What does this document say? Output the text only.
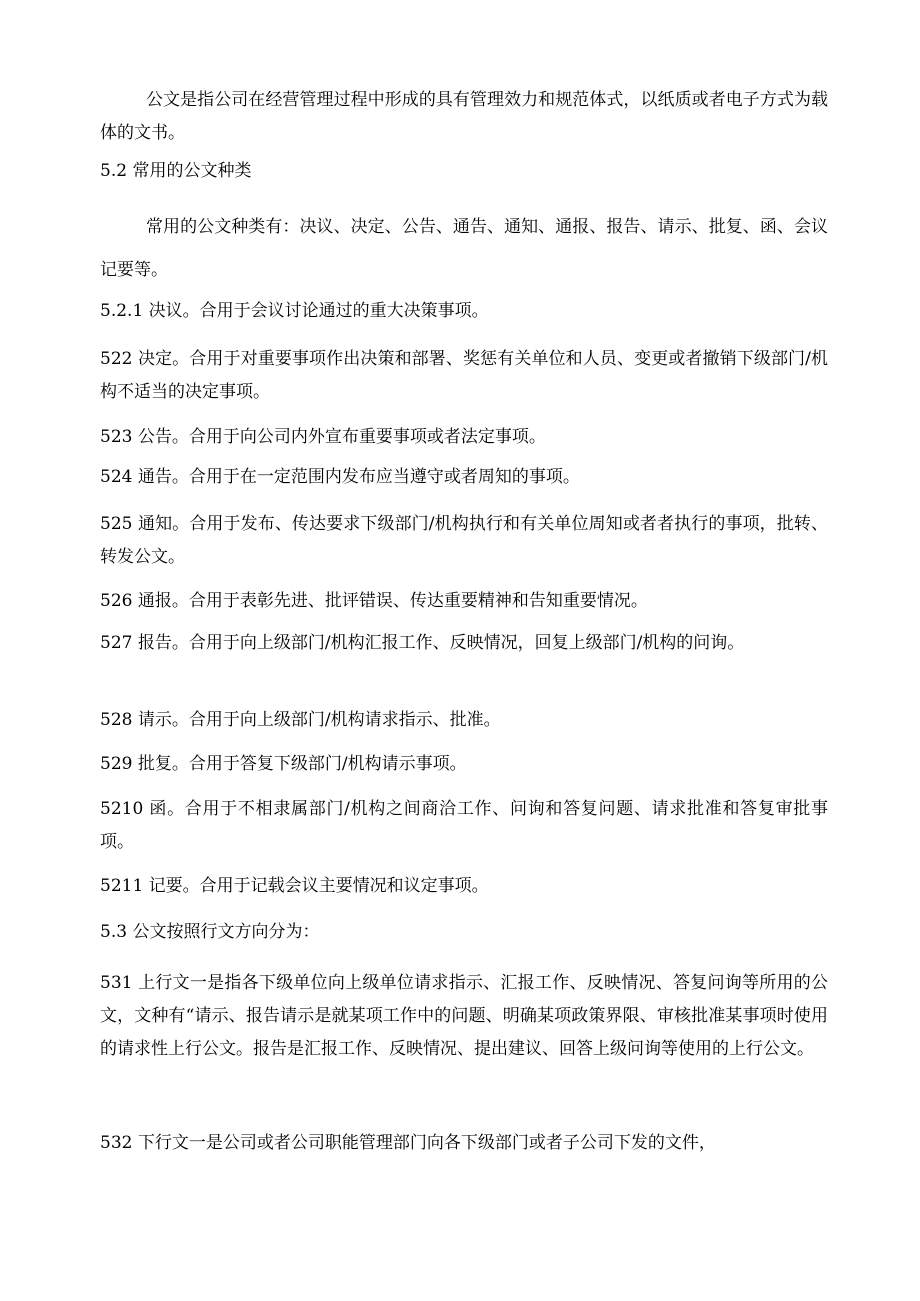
公文是指公司在经营管理过程中形成的具有管理效力和规范体式，以纸质或者电子方式为载体的文书。

5.2 常用的公文种类

常用的公文种类有：决议、决定、公告、通告、通知、通报、报告、请示、批复、函、会议记要等。

5.2.1 决议。合用于会议讨论通过的重大决策事项。

522 决定。合用于对重要事项作出决策和部署、奖惩有关单位和人员、变更或者撤销下级部门/机构不适当的决定事项。

523 公告。合用于向公司内外宣布重要事项或者法定事项。

524 通告。合用于在一定范围内发布应当遵守或者周知的事项。

525 通知。合用于发布、传达要求下级部门/机构执行和有关单位周知或者者执行的事项，批转、转发公文。

526 通报。合用于表彰先进、批评错误、传达重要精神和告知重要情况。

527 报告。合用于向上级部门/机构汇报工作、反映情况，回复上级部门/机构的问询。

528 请示。合用于向上级部门/机构请求指示、批准。

529 批复。合用于答复下级部门/机构请示事项。

5210 函。合用于不相隶属部门/机构之间商洽工作、问询和答复问题、请求批准和答复审批事项。

5211 记要。合用于记载会议主要情况和议定事项。

5.3 公文按照行文方向分为：

531 上行文一是指各下级单位向上级单位请求指示、汇报工作、反映情况、答复问询等所用的公文，文种有“请示、报告请示是就某项工作中的问题、明确某项政策界限、审核批准某事项时使用的请求性上行公文。报告是汇报工作、反映情况、提出建议、回答上级问询等使用的上行公文。

532 下行文一是公司或者公司职能管理部门向各下级部门或者子公司下发的文件，
